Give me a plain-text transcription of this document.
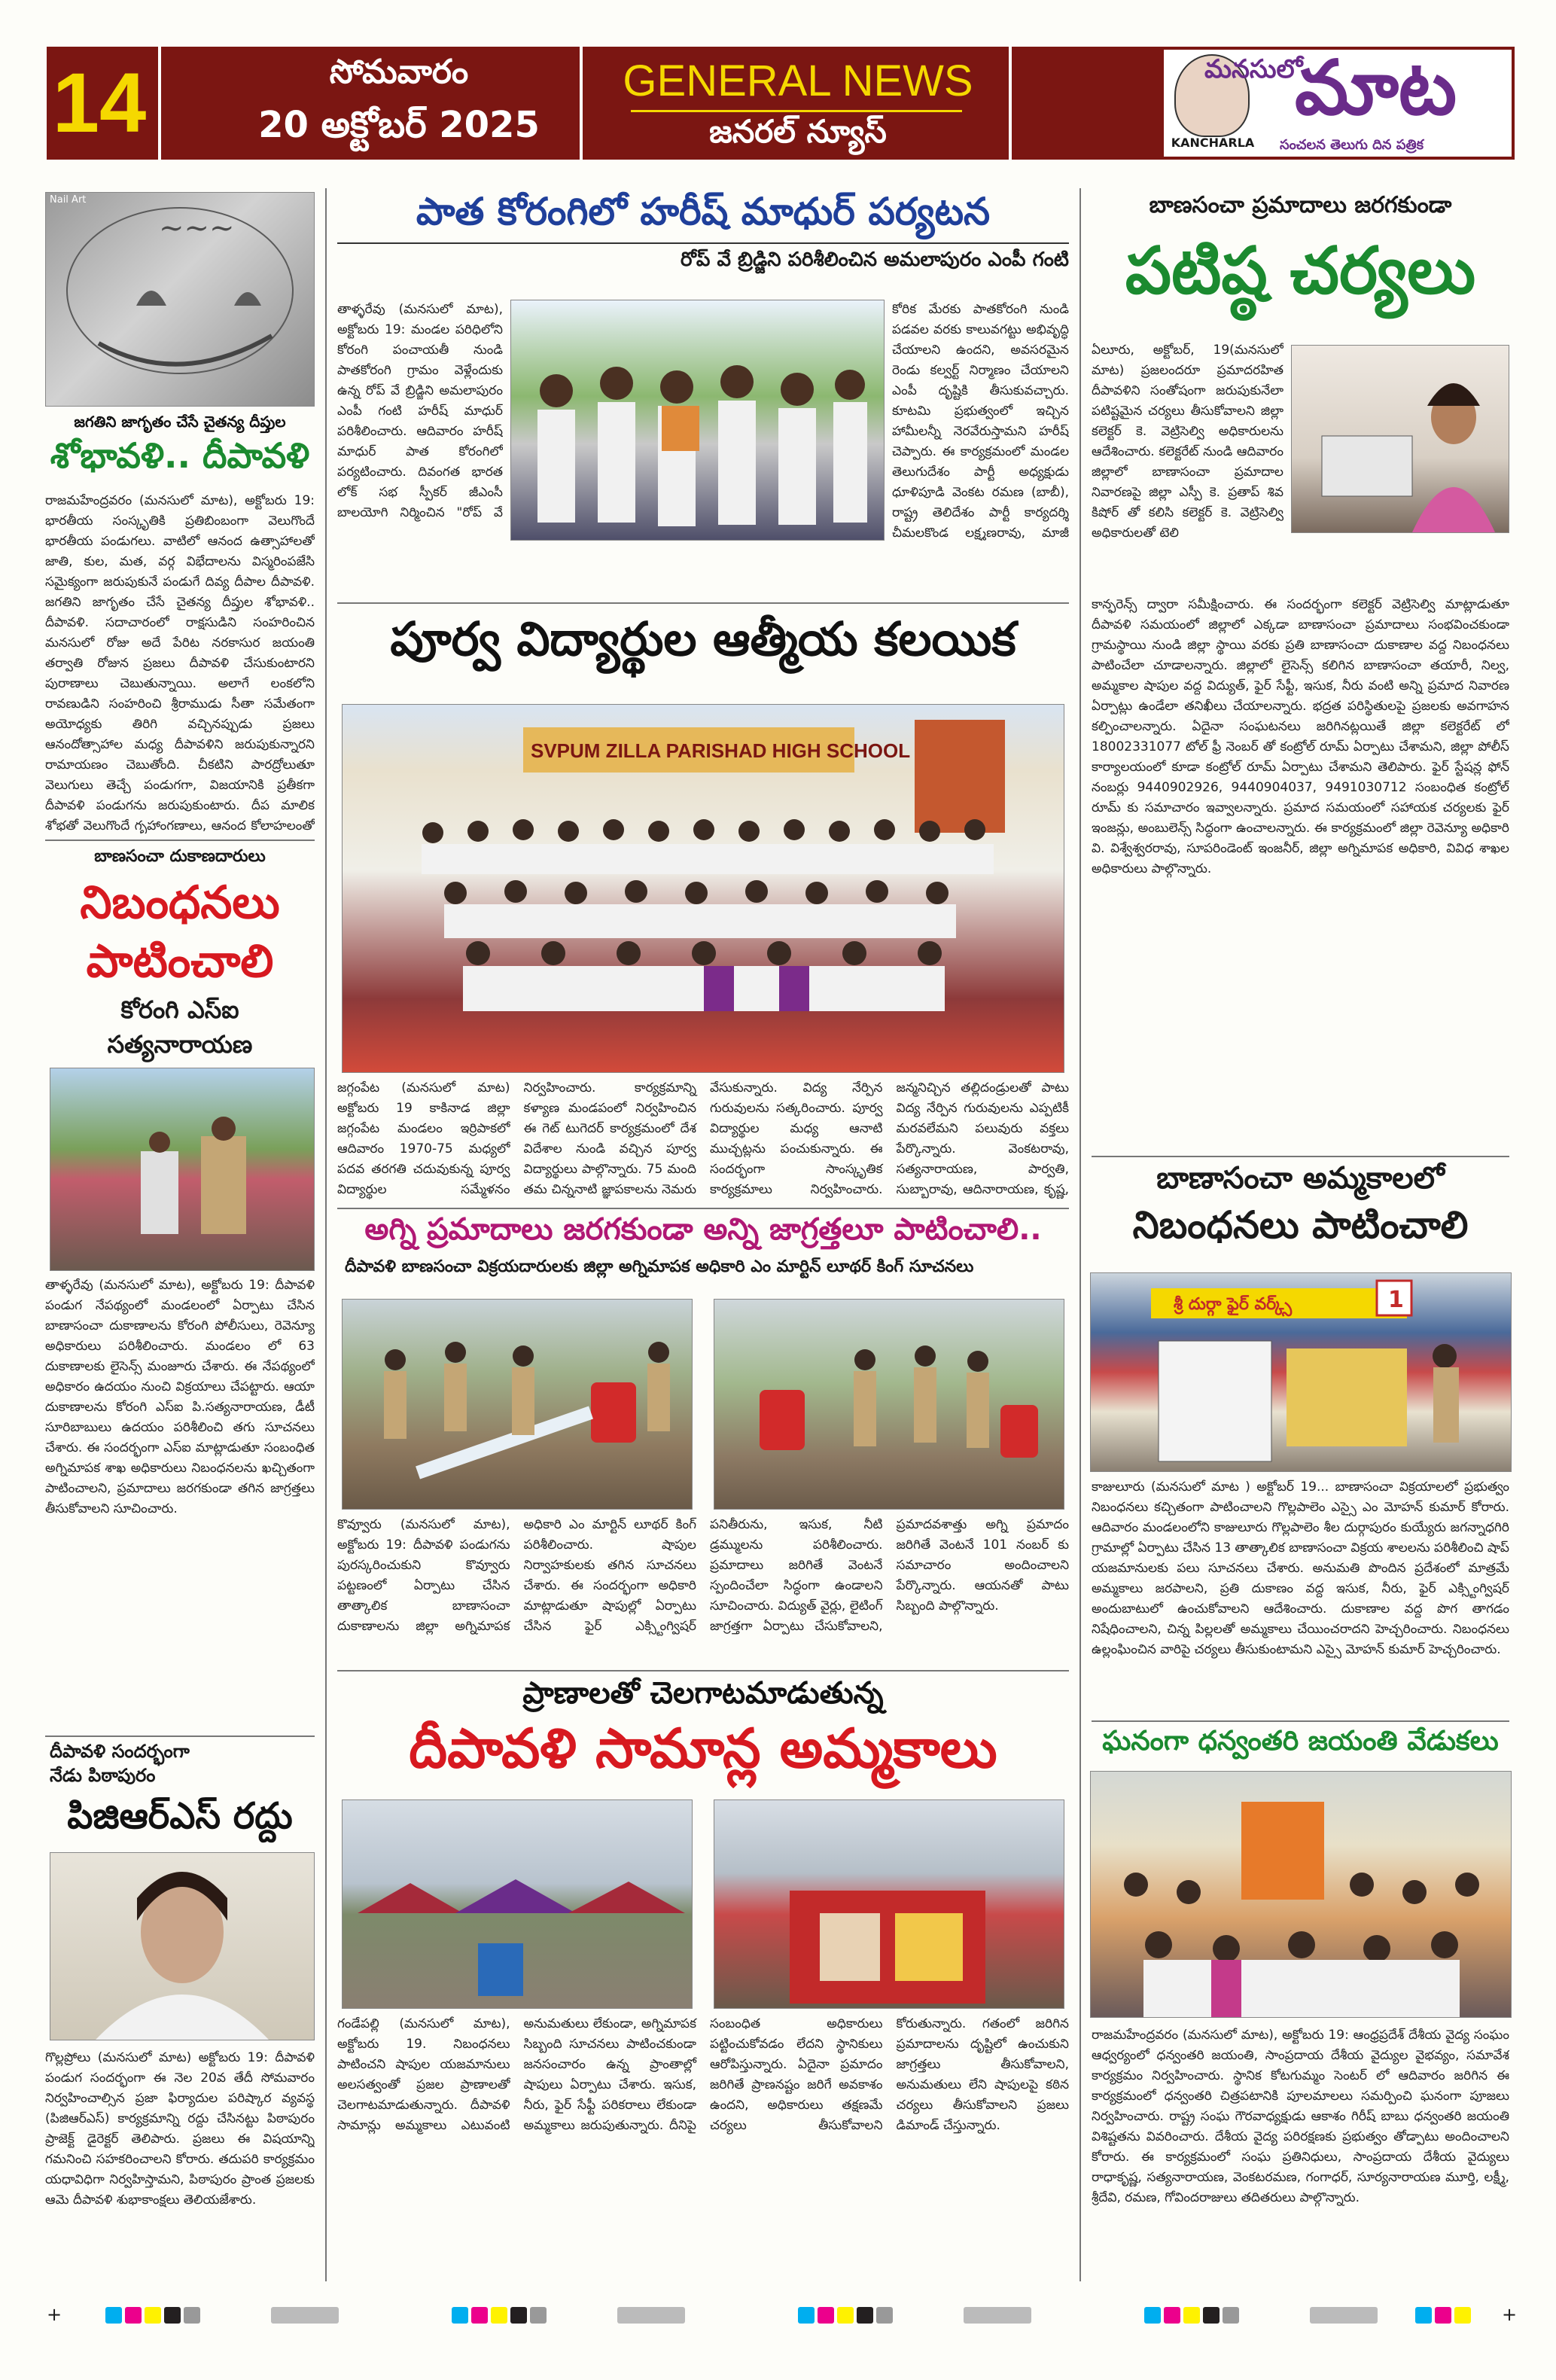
14	సోమవారం
20 అక్టోబర్ 2025
GENERAL NEWS
జనరల్ న్యూస్
మనసులో
మాట
KANCHARLA	సంచలన తెలుగు దిన పత్రిక
~~~
Nail Art
జగతిని జాగృతం చేసే చైతన్య దీప్తుల
శోభావళి.. దీపావళి
రాజమహేంద్రవరం (మనసులో మాట), అక్టోబరు 19: భారతీయ సంస్కృతికి ప్రతిబింబంగా వెలుగొందే భారతీయ పండుగలు. వాటిలో ఆనంద ఉత్సాహాలతో జాతి, కుల, మత, వర్గ విభేదాలను విస్మరింపజేసి సమైక్యంగా జరుపుకునే పండుగే దివ్య దీపాల దీపావళి. జగతిని జాగృతం చేసే చైతన్య దీప్తుల శోభావళి.. దీపావళి. సదాచారంలో రాక్షసుడిని సంహరించిన మనసులో రోజు అదే పేరిట నరకాసుర జయంతి తర్వాతి రోజున ప్రజలు దీపావళి చేసుకుంటారని పురాణాలు చెబుతున్నాయి. అలాగే లంకలోని రావణుడిని సంహరించి శ్రీరాముడు సీతా సమేతంగా అయోధ్యకు తిరిగి వచ్చినప్పుడు ప్రజలు ఆనందోత్సాహాల మధ్య దీపావళిని జరుపుకున్నారని రామాయణం చెబుతోంది. చీకటిని పారద్రోలుతూ వెలుగులు తెచ్చే పండుగగా, విజయానికి ప్రతీకగా దీపావళి పండుగను జరుపుకుంటారు. దీప మాలిక శోభతో వెలుగొందే గృహాంగణాలు, ఆనంద కోలాహలంతో
బాణసంచా దుకాణదారులు
నిబంధనలు పాటించాలి
కోరంగి ఎస్ఐ సత్యనారాయణ
తాళ్ళరేవు (మనసులో మాట), అక్టోబరు 19: దీపావళి పండుగ నేపథ్యంలో మండలంలో ఏర్పాటు చేసిన బాణాసంచా దుకాణాలను కోరంగి పోలీసులు, రెవెన్యూ అధికారులు పరిశీలించారు. మండలం లో 63 దుకాణాలకు లైసెన్స్ మంజూరు చేశారు. ఈ నేపథ్యంలో అధికారం ఉదయం నుంచి విక్రయాలు చేపట్టారు. ఆయా దుకాణాలను కోరంగి ఎస్ఐ పి.సత్యనారాయణ, డీటీ సూరిబాబులు ఉదయం పరిశీలించి తగు సూచనలు చేశారు. ఈ సందర్భంగా ఎస్ఐ మాట్లాడుతూ సంబంధిత అగ్నిమాపక శాఖ అధికారులు నిబంధనలను ఖచ్చితంగా పాటించాలని, ప్రమాదాలు జరగకుండా తగిన జాగ్రత్తలు తీసుకోవాలని సూచించారు.
దీపావళి సందర్భంగా
నేడు పిఠాపురం
పిజిఆర్ఎస్ రద్దు
గొల్లప్రోలు (మనసులో మాట) అక్టోబరు 19: దీపావళి పండుగ సందర్భంగా ఈ నెల 20వ తేదీ సోమవారం నిర్వహించాల్సిన ప్రజా ఫిర్యాదుల పరిష్కార వ్యవస్థ (పిజిఆర్ఎస్) కార్యక్రమాన్ని రద్దు చేసినట్టు పిఠాపురం ప్రాజెక్ట్ డైరెక్టర్ తెలిపారు. ప్రజలు ఈ విషయాన్ని గమనించి సహకరించాలని కోరారు. తదుపరి కార్యక్రమం యధావిధిగా నిర్వహిస్తామని, పిఠాపురం ప్రాంత ప్రజలకు ఆమె దీపావళి శుభాకాంక్షలు తెలియజేశారు.
పాత కోరంగిలో హరీష్ మాధుర్ పర్యటన
రోప్ వే బ్రిడ్జిని పరిశీలించిన అమలాపురం ఎంపీ గంటి
తాళ్ళరేవు (మనసులో మాట), అక్టోబరు 19: మండల పరిధిలోని కోరంగి పంచాయతీ నుండి పాతకోరంగి గ్రామం వెళ్లేందుకు ఉన్న రోప్ వే బ్రిడ్జిని అమలాపురం ఎంపీ గంటి హరీష్ మాధుర్ పరిశీలించారు. ఆదివారం హరీష్ మాధుర్ పాత కోరంగిలో పర్యటించారు. దివంగత భారత లోక్ సభ స్పీకర్ జీఎంసీ బాలయోగి నిర్మించిన "రోప్ వే
కోరిక మేరకు పాతకోరంగి నుండి పడవల వరకు కాలువగట్టు అభివృద్ధి చేయాలని ఉందని, అవసరమైన రెండు కల్వర్ట్ నిర్మాణం చేయాలని ఎంపీ దృష్టికి తీసుకువచ్చారు. కూటమి ప్రభుత్వంలో ఇచ్చిన హామీలన్నీ నెరవేరుస్తామని హరీష్ చెప్పారు. ఈ కార్యక్రమంలో మండల తెలుగుదేశం పార్టీ అధ్యక్షుడు ధూళిపూడి వెంకట రమణ (బాబీ), రాష్ట్ర తెలిదేశం పార్టీ కార్యదర్శి చీమలకొండ లక్ష్మణరావు, మాజీ
పూర్వ విద్యార్థుల ఆత్మీయ కలయిక
SVPUM ZILLA PARISHAD HIGH SCHOOL
జగ్గంపేట (మనసులో మాట) అక్టోబరు 19 కాకినాడ జిల్లా జగ్గంపేట మండలం ఇర్రిపాకలో ఆదివారం 1970-75 మధ్యలో పదవ తరగతి చదువుకున్న పూర్వ విద్యార్థుల సమ్మేళనం నిర్వహించారు. కార్యక్రమాన్ని కళ్యాణ మండపంలో నిర్వహించిన ఈ గెట్ టుగెదర్ కార్యక్రమంలో దేశ విదేశాల నుండి వచ్చిన పూర్వ విద్యార్థులు పాల్గొన్నారు. 75 మంది తమ చిన్ననాటి జ్ఞాపకాలను నెమరు వేసుకున్నారు. విద్య నేర్పిన గురువులను సత్కరించారు. పూర్వ విద్యార్థుల మధ్య ఆనాటి ముచ్చట్లను పంచుకున్నారు. ఈ సందర్భంగా సాంస్కృతిక కార్యక్రమాలు నిర్వహించారు. జన్మనిచ్చిన తల్లిదండ్రులతో పాటు విద్య నేర్పిన గురువులను ఎప్పటికీ మరవలేమని పలువురు వక్తలు పేర్కొన్నారు. వెంకటరావు, సత్యనారాయణ, పార్వతి, సుబ్బారావు, ఆదినారాయణ, కృష్ణ,
అగ్ని ప్రమాదాలు జరగకుండా అన్ని జాగ్రత్తలూ పాటించాలి..
దీపావళి బాణసంచా విక్రయదారులకు జిల్లా అగ్నిమాపక అధికారి ఎం మార్టిన్ లూథర్ కింగ్ సూచనలు
కొవ్వూరు (మనసులో మాట), అక్టోబరు 19: దీపావళి పండుగను పురస్కరించుకుని కొవ్వూరు పట్టణంలో ఏర్పాటు చేసిన తాత్కాలిక బాణాసంచా దుకాణాలను జిల్లా అగ్నిమాపక అధికారి ఎం మార్టిన్ లూథర్ కింగ్ పరిశీలించారు. షాపుల నిర్వాహకులకు తగిన సూచనలు చేశారు. ఈ సందర్భంగా అధికారి మాట్లాడుతూ షాపుల్లో ఏర్పాటు చేసిన ఫైర్ ఎక్స్టింగ్విషర్ పనితీరును, ఇసుక, నీటి డ్రమ్ములను పరిశీలించారు. ప్రమాదాలు జరిగితే వెంటనే స్పందించేలా సిద్ధంగా ఉండాలని సూచించారు. విద్యుత్ వైర్లు, లైటింగ్ జాగ్రత్తగా ఏర్పాటు చేసుకోవాలని, ప్రమాదవశాత్తు అగ్ని ప్రమాదం జరిగితే వెంటనే 101 నంబర్ కు సమాచారం అందించాలని పేర్కొన్నారు. ఆయనతో పాటు సిబ్బంది పాల్గొన్నారు.
ప్రాణాలతో చెలగాటమాడుతున్న
దీపావళి సామాన్ల అమ్మకాలు
గండేపల్లి (మనసులో మాట), అక్టోబరు 19. నిబంధనలు పాటించని షాపుల యజమానులు అలసత్వంతో ప్రజల ప్రాణాలతో చెలగాటమాడుతున్నారు. దీపావళి సామాన్లు అమ్మకాలు ఎటువంటి అనుమతులు లేకుండా, అగ్నిమాపక సిబ్బంది సూచనలు పాటించకుండా జనసంచారం ఉన్న ప్రాంతాల్లో షాపులు ఏర్పాటు చేశారు. ఇసుక, నీరు, ఫైర్ సేఫ్టీ పరికరాలు లేకుండా అమ్మకాలు జరుపుతున్నారు. దీనిపై సంబంధిత అధికారులు పట్టించుకోవడం లేదని స్థానికులు ఆరోపిస్తున్నారు. ఏదైనా ప్రమాదం జరిగితే ప్రాణనష్టం జరిగే అవకాశం ఉందని, అధికారులు తక్షణమే చర్యలు తీసుకోవాలని కోరుతున్నారు. గతంలో జరిగిన ప్రమాదాలను దృష్టిలో ఉంచుకుని జాగ్రత్తలు తీసుకోవాలని, అనుమతులు లేని షాపులపై కఠిన చర్యలు తీసుకోవాలని ప్రజలు డిమాండ్ చేస్తున్నారు.
బాణసంచా ప్రమాదాలు జరగకుండా
పటిష్ఠ చర్యలు
ఏలూరు, అక్టోబర్, 19(మనసులో మాట) ప్రజలందరూ ప్రమాదరహిత దీపావళిని సంతోషంగా జరుపుకునేలా పటిష్టమైన చర్యలు తీసుకోవాలని జిల్లా కలెక్టర్ కె. వెట్రిసెల్వి అధికారులను ఆదేశించారు. కలెక్టరేట్ నుండి ఆదివారం జిల్లాలో బాణాసంచా ప్రమాదాల నివారణపై జిల్లా ఎస్పీ కె. ప్రతాప్ శివ కిషోర్ తో కలిసి కలెక్టర్ కె. వెట్రిసెల్వి అధికారులతో టెలి
కాన్ఫరెన్స్ ద్వారా సమీక్షించారు. ఈ సందర్భంగా కలెక్టర్ వెట్రిసెల్వి మాట్లాడుతూ దీపావళి సమయంలో జిల్లాలో ఎక్కడా బాణాసంచా ప్రమాదాలు సంభవించకుండా గ్రామస్థాయి నుండి జిల్లా స్థాయి వరకు ప్రతి బాణాసంచా దుకాణాల వద్ద నిబంధనలు పాటించేలా చూడాలన్నారు. జిల్లాలో లైసెన్స్ కలిగిన బాణాసంచా తయారీ, నిల్వ, అమ్మకాల షాపుల వద్ద విద్యుత్, ఫైర్ సేఫ్టీ, ఇసుక, నీరు వంటి అన్ని ప్రమాద నివారణ ఏర్పాట్లు ఉండేలా తనిఖీలు చేయాలన్నారు. భద్రత పరిస్థితులపై ప్రజలకు అవగాహన కల్పించాలన్నారు. ఏదైనా సంఘటనలు జరిగినట్లయితే జిల్లా కలెక్టరేట్ లో 18002331077 టోల్ ఫ్రీ నెంబర్ తో కంట్రోల్ రూమ్ ఏర్పాటు చేశామని, జిల్లా పోలీస్ కార్యాలయంలో కూడా కంట్రోల్ రూమ్ ఏర్పాటు చేశామని తెలిపారు. ఫైర్ స్టేషన్ల ఫోన్ నంబర్లు 9440902926, 9440904037, 9491030712 సంబంధిత కంట్రోల్ రూమ్ కు సమాచారం ఇవ్వాలన్నారు. ప్రమాద సమయంలో సహాయక చర్యలకు ఫైర్ ఇంజన్లు, అంబులెన్స్ సిద్ధంగా ఉంచాలన్నారు. ఈ కార్యక్రమంలో జిల్లా రెవెన్యూ అధికారి వి. విశ్వేశ్వరరావు, సూపరిండెంట్ ఇంజనీర్, జిల్లా అగ్నిమాపక అధికారి, వివిధ శాఖల అధికారులు పాల్గొన్నారు.
బాణాసంచా అమ్మకాలలో
నిబంధనలు పాటించాలి
శ్రీ దుర్గా ఫైర్ వర్క్స్	1
కాజులూరు (మనసులో మాట ) అక్టోబర్ 19... బాణాసంచా విక్రయాలలో ప్రభుత్వం నిబంధనలు కచ్చితంగా పాటించాలని గొల్లపాలెం ఎస్సై ఎం మోహన్ కుమార్ కోరారు. ఆదివారం మండలంలోని కాజులూరు గొల్లపాలెం శీల దుర్గాపురం కుయ్యేరు జగన్నాధగిరి గ్రామాల్లో ఏర్పాటు చేసిన 13 తాత్కాలిక బాణాసంచా విక్రయ శాలలను పరిశీలించి షాప్ యజమానులకు పలు సూచనలు చేశారు. అనుమతి పొందిన ప్రదేశంలో మాత్రమే అమ్మకాలు జరపాలని, ప్రతి దుకాణం వద్ద ఇసుక, నీరు, ఫైర్ ఎక్స్టింగ్విషర్ అందుబాటులో ఉంచుకోవాలని ఆదేశించారు. దుకాణాల వద్ద పొగ తాగడం నిషేధించాలని, చిన్న పిల్లలతో అమ్మకాలు చేయించరాదని హెచ్చరించారు. నిబంధనలు ఉల్లంఘించిన వారిపై చర్యలు తీసుకుంటామని ఎస్సై మోహన్ కుమార్ హెచ్చరించారు.
ఘనంగా ధన్వంతరి జయంతి వేడుకలు
రాజమహేంద్రవరం (మనసులో మాట), అక్టోబరు 19: ఆంధ్రప్రదేశ్ దేశీయ వైద్య సంఘం ఆధ్వర్యంలో ధన్వంతరి జయంతి, సాంప్రదాయ దేశీయ వైద్యుల వైభవ్యం, సమావేశ కార్యక్రమం నిర్వహించారు. స్థానిక కోటగుమ్మం సెంటర్ లో ఆదివారం జరిగిన ఈ కార్యక్రమంలో ధన్వంతరి చిత్రపటానికి పూలమాలలు సమర్పించి ఘనంగా పూజలు నిర్వహించారు. రాష్ట్ర సంఘ గౌరవాధ్యక్షుడు ఆకాశం గిరీష్ బాబు ధన్వంతరి జయంతి విశిష్టతను వివరించారు. దేశీయ వైద్య పరిరక్షణకు ప్రభుత్వం తోడ్పాటు అందించాలని కోరారు. ఈ కార్యక్రమంలో సంఘ ప్రతినిధులు, సాంప్రదాయ దేశీయ వైద్యులు రాధాకృష్ణ, సత్యనారాయణ, వెంకటరమణ, గంగాధర్, సూర్యనారాయణ మూర్తి, లక్ష్మీ, శ్రీదేవి, రమణ, గోవిందరాజులు తదితరులు పాల్గొన్నారు.
+	+
